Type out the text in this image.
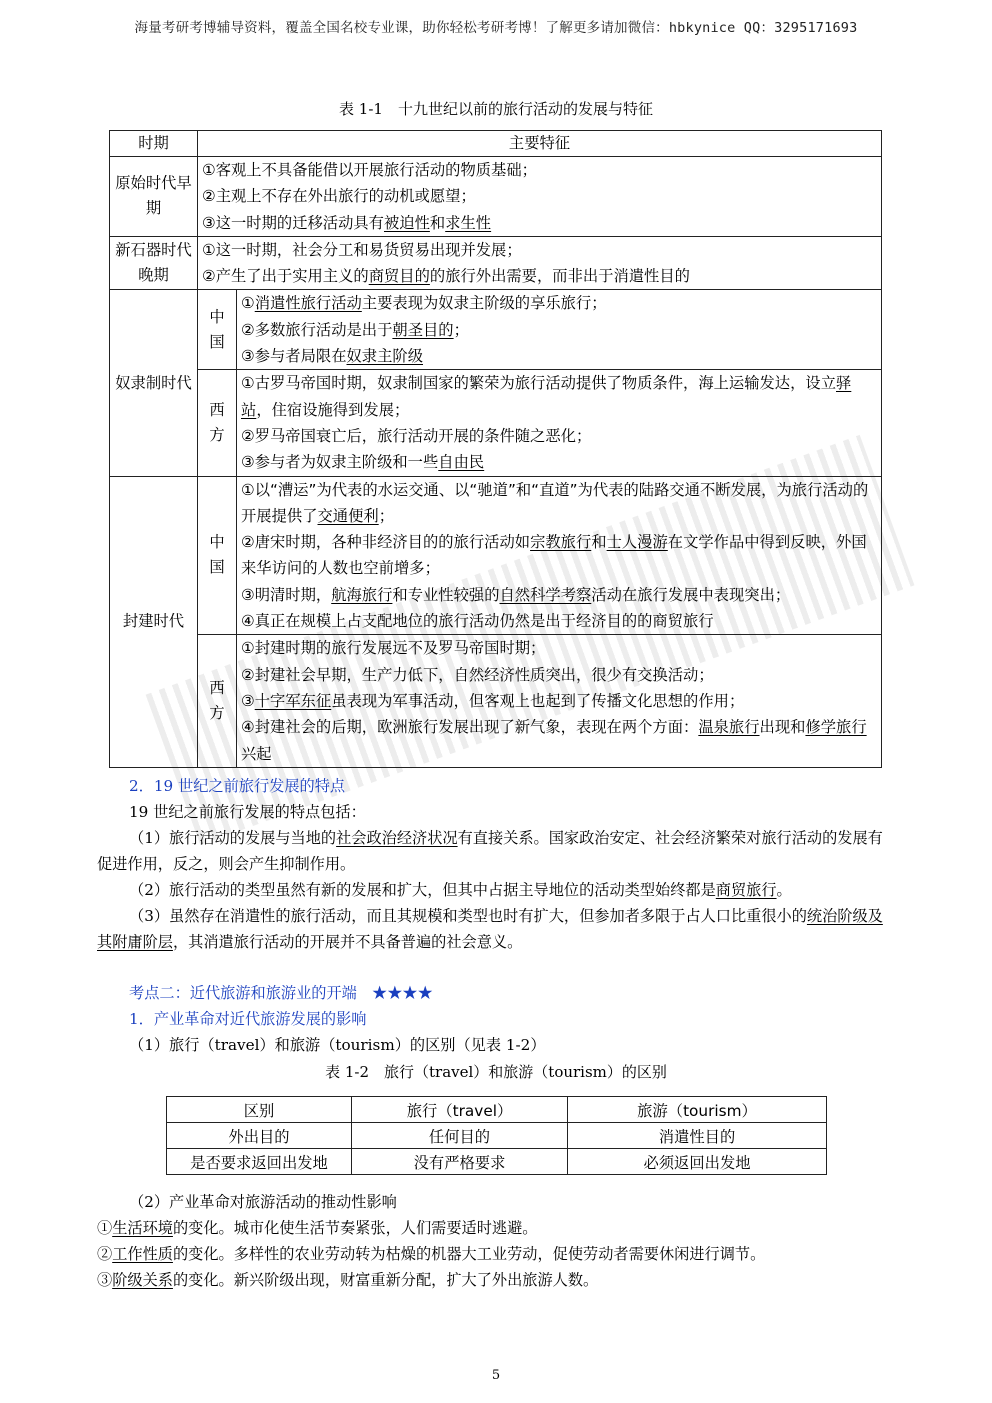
海量考研考博辅导资料，覆盖全国名校专业课，助你轻松考研考博！了解更多请加微信：hbkynice QQ：3295171693
表 1-1　十九世纪以前的旅行活动的发展与特征
时期	主要特征	
原始时代早期	①客观上不具备能借以开展旅行活动的物质基础；
②主观上不存在外出旅行的动机或愿望；
③这一时期的迁移活动具有被迫性和求生性	

新石器时代晚期	①这一时期，社会分工和易货贸易出现并发展；
②产生了出于实用主义的商贸目的的旅行外出需要，而非出于消遣性目的	

奴隶制时代	中国	①消遣性旅行活动主要表现为奴隶主阶级的享乐旅行；
②多数旅行活动是出于朝圣目的；
③参与者局限在奴隶主阶级

	西方	①古罗马帝国时期，奴隶制国家的繁荣为旅行活动提供了物质条件，海上运输发达，设立驿站，住宿设施得到发展；
②罗马帝国衰亡后，旅行活动开展的条件随之恶化；
③参与者为奴隶主阶级和一些自由民

封建时代	中国	①以“漕运”为代表的水运交通、以“驰道”和“直道”为代表的陆路交通不断发展，为旅行活动的开展提供了交通便利；
②唐宋时期，各种非经济目的的旅行活动如宗教旅行和士人漫游在文学作品中得到反映，外国来华访问的人数也空前增多；
③明清时期，航海旅行和专业性较强的自然科学考察活动在旅行发展中表现突出；
④真正在规模上占支配地位的旅行活动仍然是出于经济目的的商贸旅行

	西方	①封建时期的旅行发展远不及罗马帝国时期；
②封建社会早期，生产力低下，自然经济性质突出，很少有交换活动；
③十字军东征虽表现为军事活动，但客观上也起到了传播文化思想的作用；
④封建社会的后期，欧洲旅行发展出现了新气象，表现在两个方面：温泉旅行出现和修学旅行兴起

2．19 世纪之前旅行发展的特点

19 世纪之前旅行发展的特点包括：

（1）旅行活动的发展与当地的社会政治经济状况有直接关系。国家政治安定、社会经济繁荣对旅行活动的发展有促进作用，反之，则会产生抑制作用。

（2）旅行活动的类型虽然有新的发展和扩大，但其中占据主导地位的活动类型始终都是商贸旅行。

（3）虽然存在消遣性的旅行活动，而且其规模和类型也时有扩大，但参加者多限于占人口比重很小的统治阶级及其附庸阶层，其消遣旅行活动的开展并不具备普遍的社会意义。

考点二：近代旅游和旅游业的开端　 ★★★★

1．产业革命对近代旅游发展的影响

（1）旅行（travel）和旅游（tourism）的区别（见表 1-2）

表 1-2　旅行（travel）和旅游（tourism）的区别
区别	旅行（travel）	旅游（tourism）
外出目的	任何目的	消遣性目的
是否要求返回出发地	没有严格要求	必须返回出发地

（2）产业革命对旅游活动的推动性影响

①生活环境的变化。城市化使生活节奏紧张，人们需要适时逃避。

②工作性质的变化。多样性的农业劳动转为枯燥的机器大工业劳动，促使劳动者需要休闲进行调节。

③阶级关系的变化。新兴阶级出现，财富重新分配，扩大了外出旅游人数。

5
